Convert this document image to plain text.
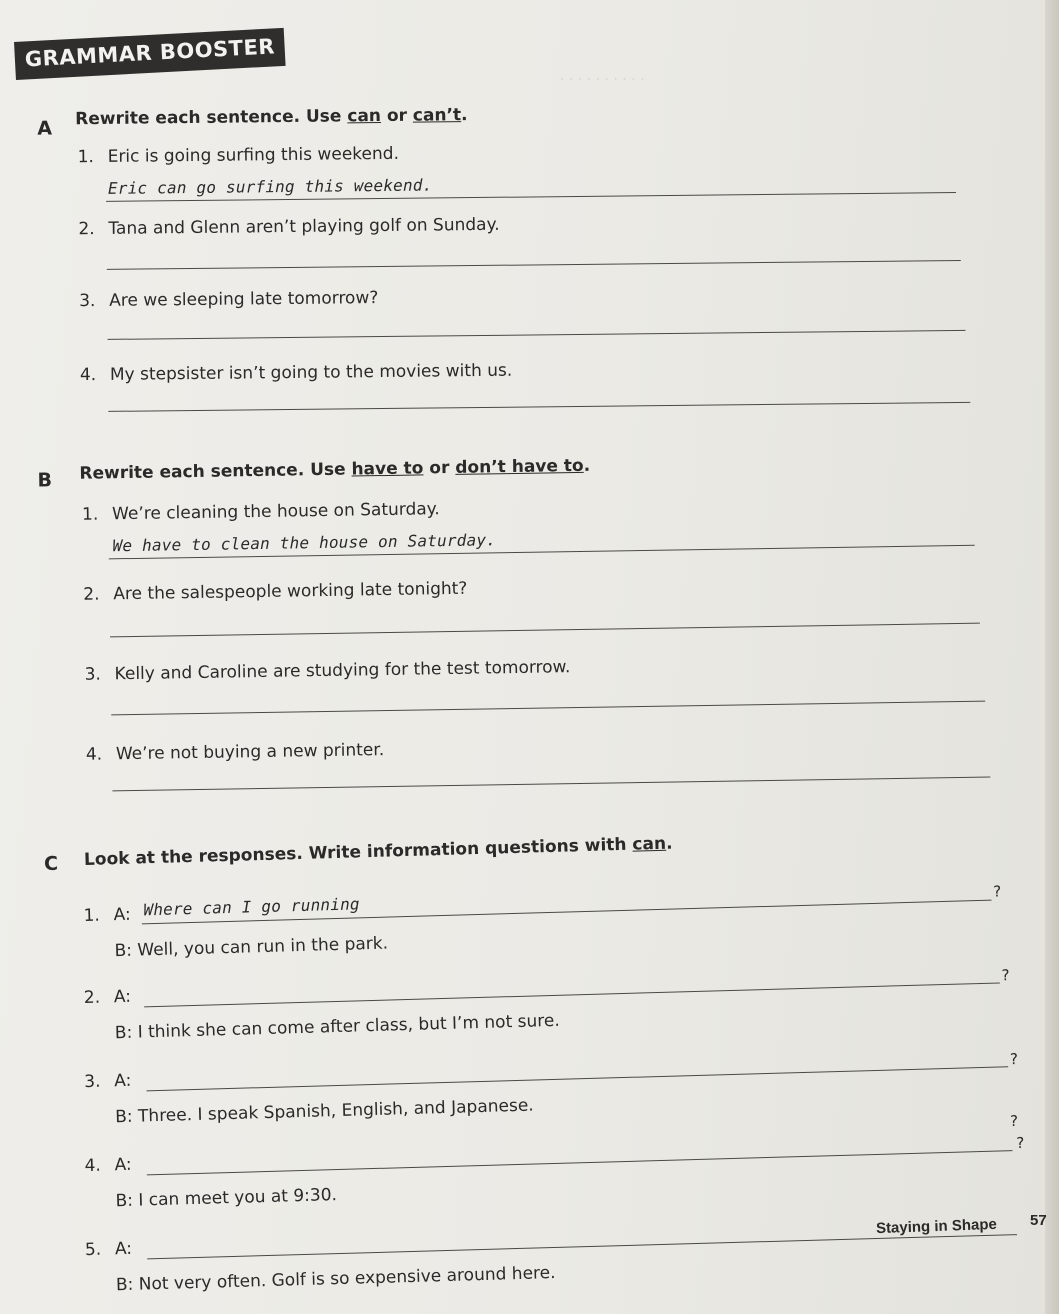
· · · · · · · · · ·
GRAMMAR BOOSTER
A Rewrite each sentence. Use can or can’t.
1. Eric is going surfing this weekend.
Eric can go surfing this weekend.
2. Tana and Glenn aren’t playing golf on Sunday.
3. Are we sleeping late tomorrow?
4. My stepsister isn’t going to the movies with us.
B Rewrite each sentence. Use have to or don’t have to.
1. We’re cleaning the house on Saturday.
We have to clean the house on Saturday.
2. Are the salespeople working late tonight?
3. Kelly and Caroline are studying for the test tomorrow.
4. We’re not buying a new printer.
C Look at the responses. Write information questions with can.
1. A: Where can I go running
?
B: Well, you can run in the park.
2. A:
?
B: I think she can come after class, but I’m not sure.
3. A:
?
B: Three. I speak Spanish, English, and Japanese.
4. A:
?
B: I can meet you at 9:30.
5. A:
B: Not very often. Golf is so expensive around here.
?
Staying in Shape 57
